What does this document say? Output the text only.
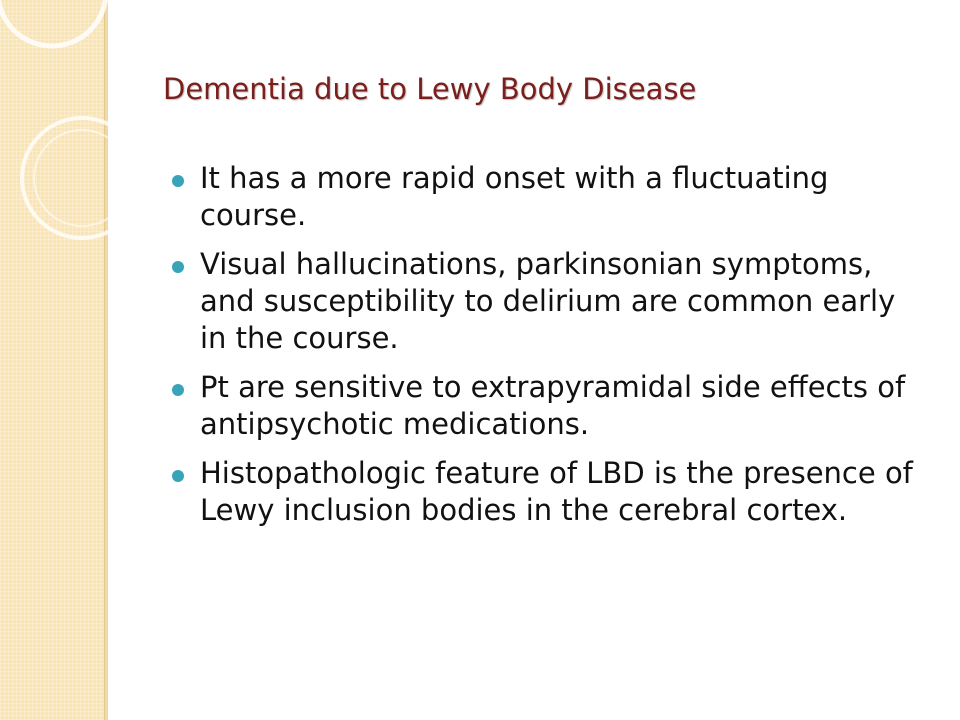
Dementia due to Lewy Body Disease
It has a more rapid onset with a fluctuating course.
Visual hallucinations, parkinsonian symptoms, and susceptibility to delirium are common early in the course.
Pt are sensitive to extrapyramidal side effects of antipsychotic medications.
Histopathologic feature of LBD is the presence of Lewy inclusion bodies in the cerebral cortex.
